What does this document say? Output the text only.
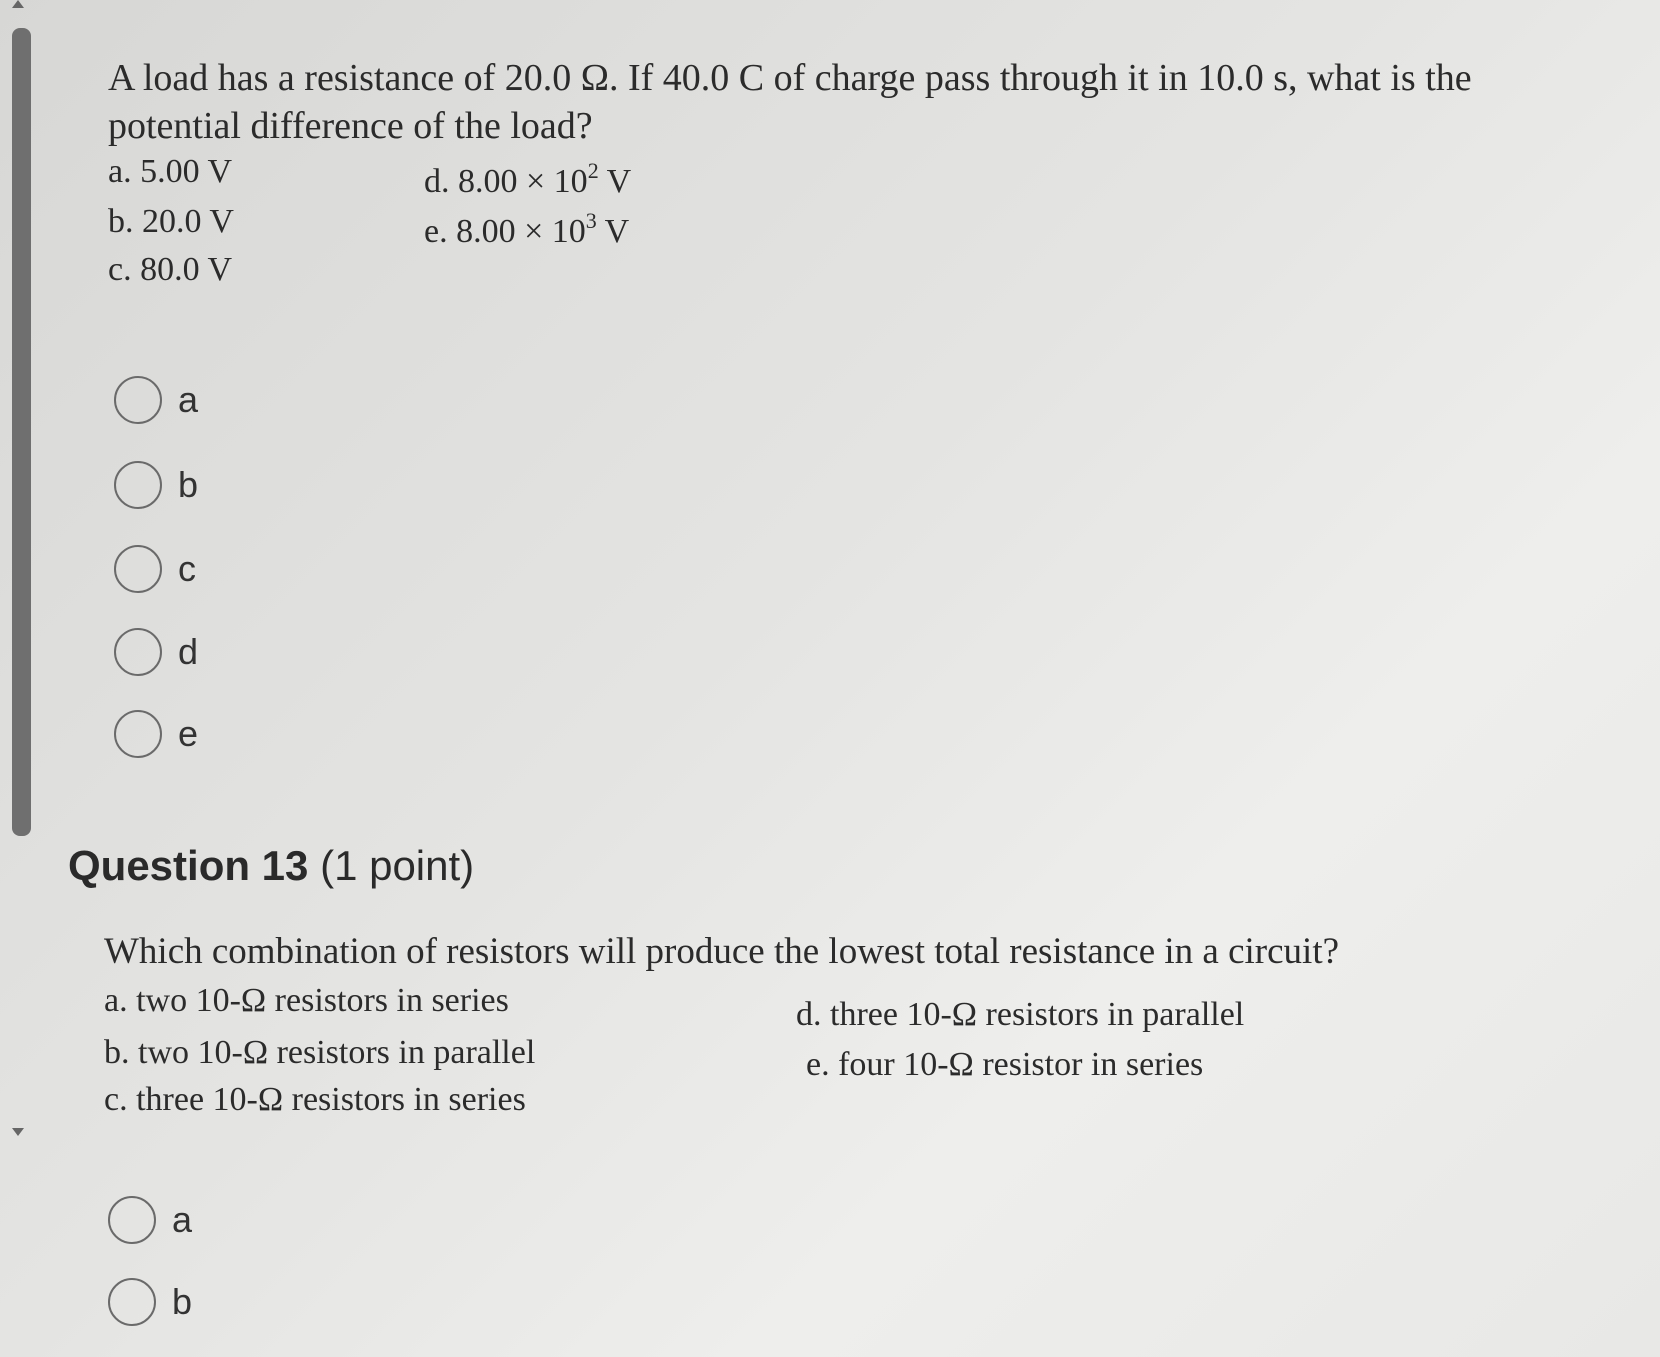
A load has a resistance of 20.0 Ω. If 40.0 C of charge pass through it in 10.0 s, what is the potential difference of the load?

a. 5.00 V
b. 20.0 V
c. 80.0 V
d. $8.00 \times 10^2$ V
e. $8.00 \times 10^3$ V
a
b
c
d
e
Question 13 (1 point)

Which combination of resistors will produce the lowest total resistance in a circuit?

a. two 10-Ω resistors in series
b. two 10-Ω resistors in parallel
c. three 10-Ω resistors in series
d. three 10-Ω resistors in parallel
e. four 10-Ω resistor in series
a
b
